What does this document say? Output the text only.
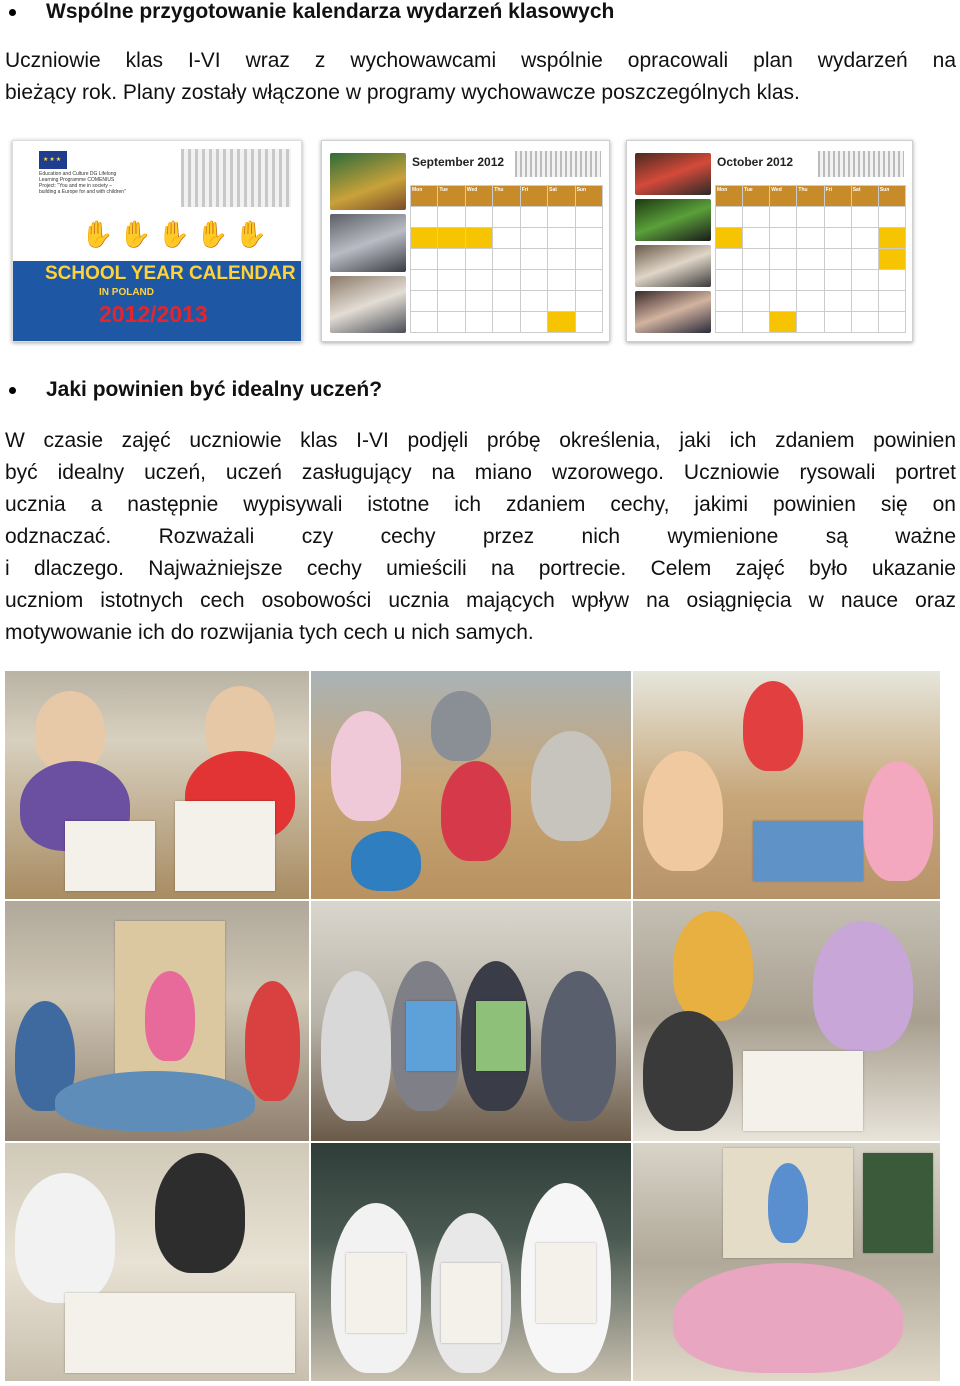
Wspólne przygotowanie kalendarza wydarzeń klasowych
Uczniowie klas I-VI wraz z wychowawcami wspólnie opracowali plan wydarzeń na
bieżący rok. Plany zostały włączone w programy wychowawcze poszczególnych klas.
★★★
Education and Culture DG Lifelong Learning Programme COMENIUS Project: "You and me in society – building a Europe for and with children"
✋✋✋✋✋
SCHOOL YEAR CALENDAR
IN POLAND
2012/2013
September 2012
Mon	Tue	Wed	Thu	Fri	Sat	Sun
October 2012
Mon	Tue	Wed	Thu	Fri	Sat	Sun
Jaki powinien być idealny uczeń?
W czasie zajęć uczniowie klas I-VI podjęli próbę określenia, jaki ich zdaniem powinien
być idealny uczeń, uczeń zasługujący na miano wzorowego. Uczniowie rysowali portret
ucznia a następnie wypisywali istotne ich zdaniem cechy, jakimi powinien się on
odznaczać. Rozważali czy cechy przez nich wymienione są ważne
i dlaczego. Najważniejsze cechy umieścili na portrecie. Celem zajęć było ukazanie
uczniom istotnych cech osobowości ucznia mających wpływ na osiągnięcia w nauce oraz
motywowanie ich do rozwijania tych cech u nich samych.
